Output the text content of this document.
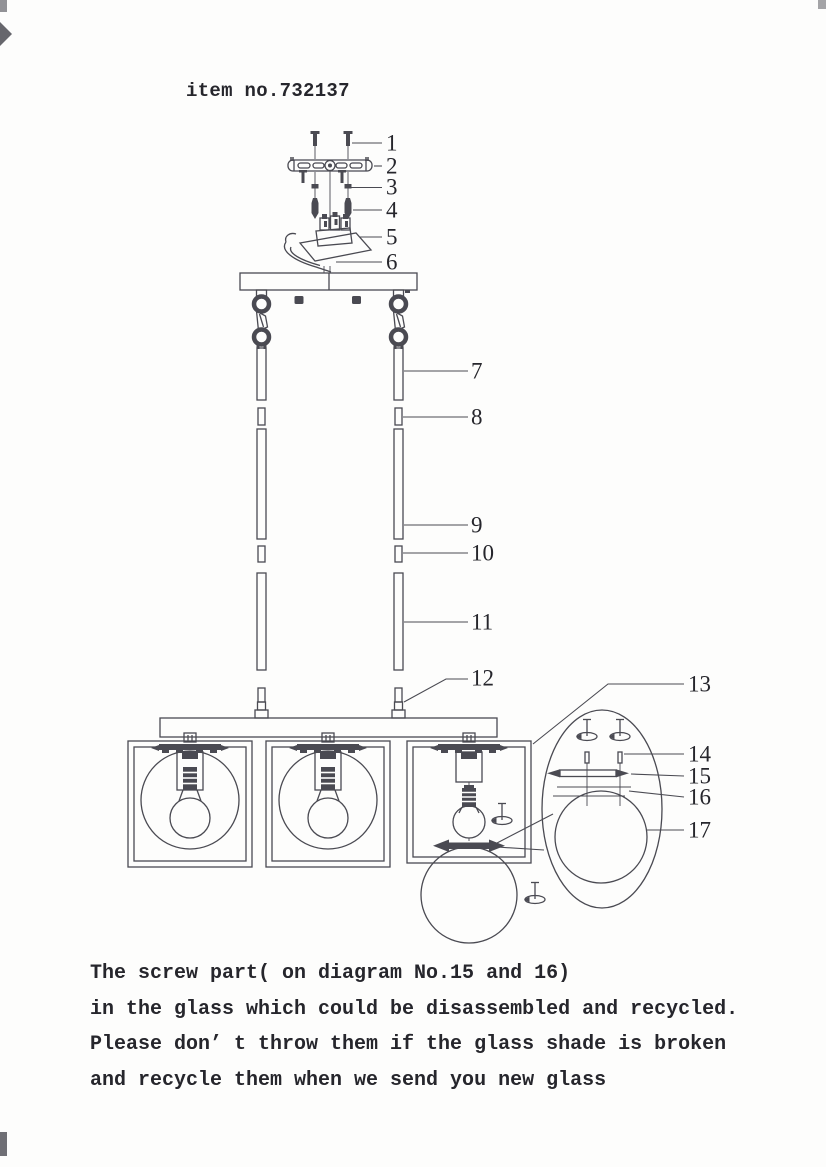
item no.732137
1
2
3
4
5
6
7
8
9
10
11
12	13
14
15
16
17
The screw part( on diagram No.15 and 16)
in the glass which could be disassembled and recycled.
Please don’ t throw them if the glass shade is broken
and recycle them when we send you new glass
